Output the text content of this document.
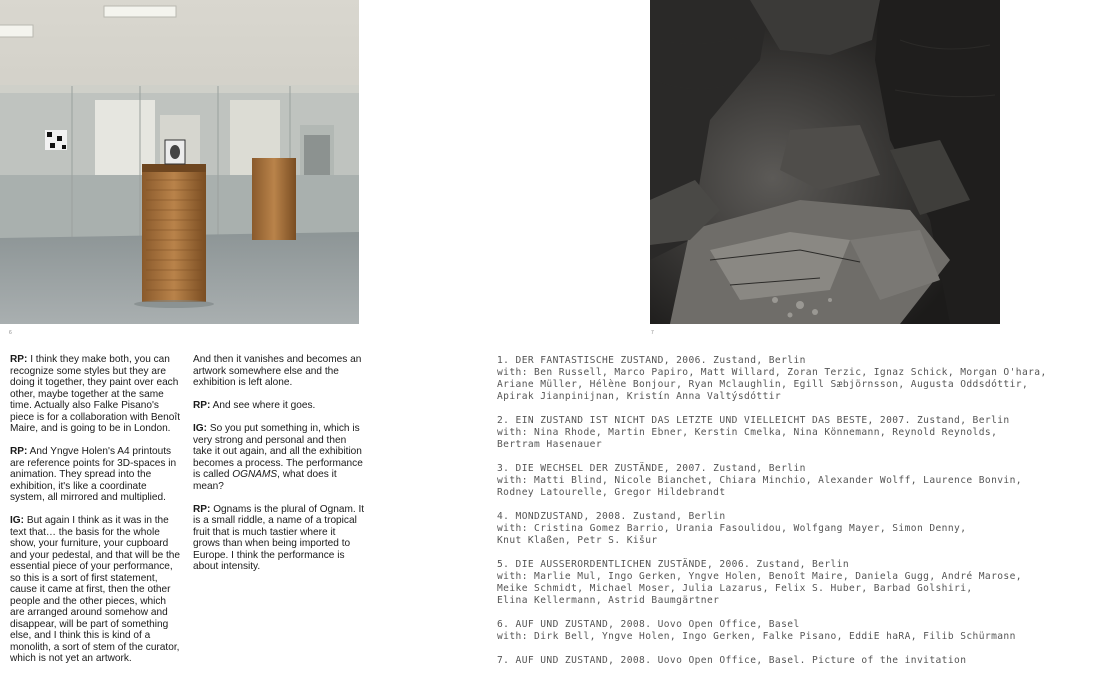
6	7

RP: I think they make both, you can recognize some styles but they are doing it together, they paint over each other, maybe together at the same time. Actually also Falke Pisano's piece is for a collaboration with Benoît Maire, and is going to be in London.

RP: And Yngve Holen's A4 printouts are reference points for 3D-spaces in animation. They spread into the exhibition, it's like a coordinate system, all mirrored and multiplied.

IG: But again I think as it was in the text that… the basis for the whole show, your furniture, your cupboard and your pedestal, and that will be the essential piece of your performance, so this is a sort of first statement, cause it came at first, then the other people and the other pieces, which are arranged around somehow and disappear, will be part of something else, and I think this is kind of a monolith, a sort of stem of the curator, which is not yet an artwork.

And then it vanishes and becomes an artwork somewhere else and the exhibition is left alone.

RP: And see where it goes.

IG: So you put something in, which is very strong and personal and then take it out again, and all the exhibition becomes a process. The performance is called OGNAMS, what does it mean?

RP: Ognams is the plural of Ognam. It is a small riddle, a name of a tropical fruit that is much tastier where it grows than when being imported to Europe. I think the performance is about intensity.

1. DER FANTASTISCHE ZUSTAND, 2006. Zustand, Berlin
with: Ben Russell, Marco Papiro, Matt Willard, Zoran Terzic, Ignaz Schick, Morgan O'hara,
Ariane Müller, Hélène Bonjour, Ryan Mclaughlin, Egill Sæbjörnsson, Augusta Oddsdóttir,
Apirak Jianpinijnan, Kristín Anna Valtýsdóttir
2. EIN ZUSTAND IST NICHT DAS LETZTE UND VIELLEICHT DAS BESTE, 2007. Zustand, Berlin
with: Nina Rhode, Martin Ebner, Kerstin Cmelka, Nina Könnemann, Reynold Reynolds,
Bertram Hasenauer
3. DIE WECHSEL DER ZUSTÄNDE, 2007. Zustand, Berlin
with: Matti Blind, Nicole Bianchet, Chiara Minchio, Alexander Wolff, Laurence Bonvin,
Rodney Latourelle, Gregor Hildebrandt
4. MONDZUSTAND, 2008. Zustand, Berlin
with: Cristina Gomez Barrio, Urania Fasoulidou, Wolfgang Mayer, Simon Denny,
Knut Klaßen, Petr S. Kišur
5. DIE AUSSERORDENTLICHEN ZUSTÄNDE, 2006. Zustand, Berlin
with: Marlie Mul, Ingo Gerken, Yngve Holen, Benoît Maire, Daniela Gugg, André Marose,
Meike Schmidt, Michael Moser, Julia Lazarus, Felix S. Huber, Barbad Golshiri,
Elina Kellermann, Astrid Baumgärtner
6. AUF UND ZUSTAND, 2008. Uovo Open Office, Basel
with: Dirk Bell, Yngve Holen, Ingo Gerken, Falke Pisano, EddiE haRA, Filib Schürmann
7. AUF UND ZUSTAND, 2008. Uovo Open Office, Basel. Picture of the invitation
